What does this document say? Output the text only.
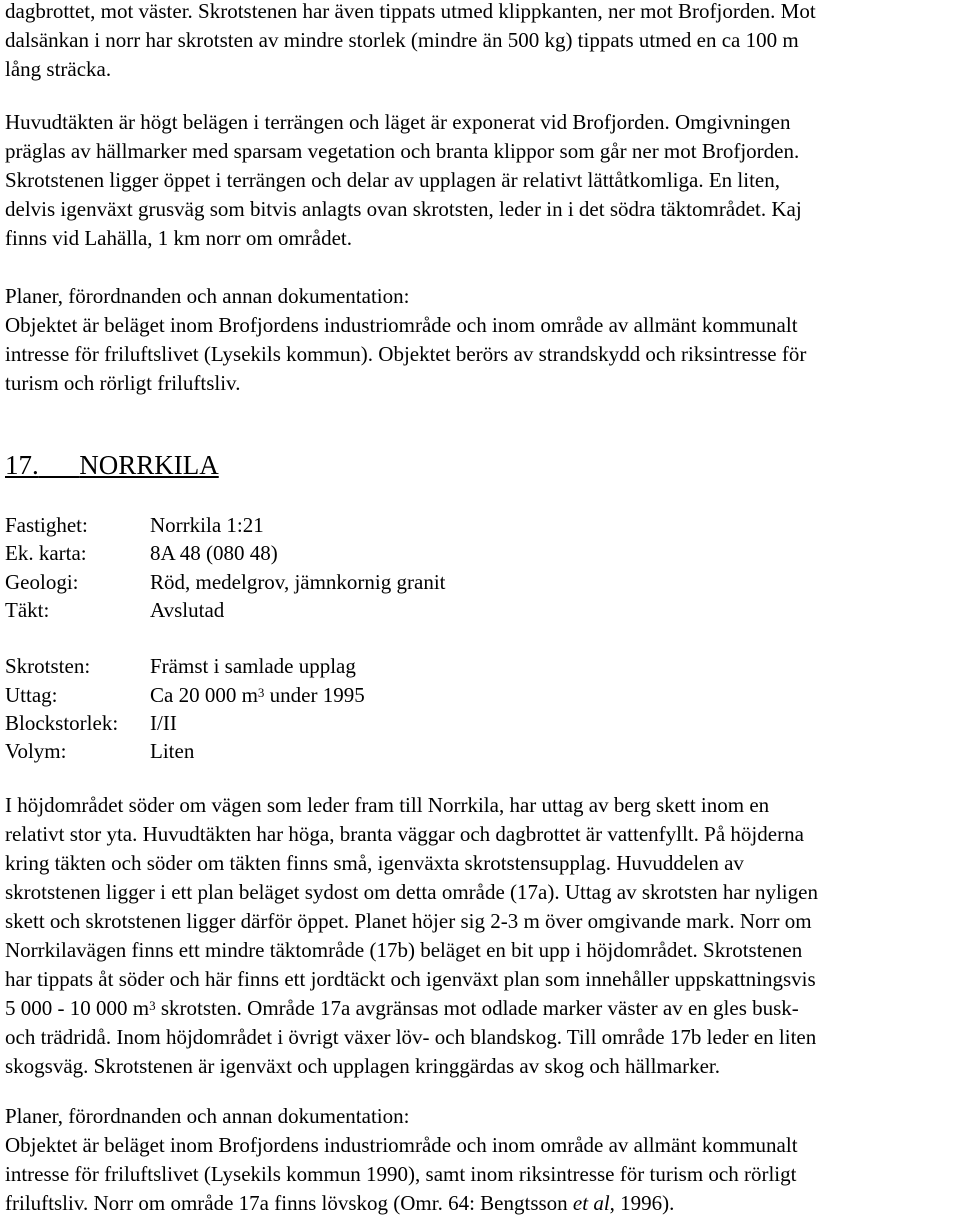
dagbrottet, mot väster. Skrotstenen har även tippats utmed klippkanten, ner mot Brofjorden. Mot
dalsänkan i norr har skrotsten av mindre storlek (mindre än 500 kg) tippats utmed en ca 100 m
lång sträcka.
Huvudtäkten är högt belägen i terrängen och läget är exponerat vid Brofjorden. Omgivningen
präglas av hällmarker med sparsam vegetation och branta klippor som går ner mot Brofjorden.
Skrotstenen ligger öppet i terrängen och delar av upplagen är relativt lättåtkomliga. En liten,
delvis igenväxt grusväg som bitvis anlagts ovan skrotsten, leder in i det södra täktområdet. Kaj
finns vid Lahälla, 1 km norr om området.
Planer, förordnanden och annan dokumentation:
Objektet är beläget inom Brofjordens industriområde och inom område av allmänt kommunalt
intresse för friluftslivet (Lysekils kommun). Objektet berörs av strandskydd och riksintresse för
turism och rörligt friluftsliv.
17. NORRKILA
Fastighet:	Norrkila 1:21
Ek. karta:	8A 48 (080 48)
Geologi:	Röd, medelgrov, jämnkornig granit
Täkt:	Avslutad
Skrotsten:	Främst i samlade upplag
Uttag:	Ca 20 000 $m^3$ under 1995
Blockstorlek: I/II
Volym:	Liten
I höjdområdet söder om vägen som leder fram till Norrkila, har uttag av berg skett inom en
relativt stor yta. Huvudtäkten har höga, branta väggar och dagbrottet är vattenfyllt. På höjderna
kring täkten och söder om täkten finns små, igenväxta skrotstensupplag. Huvuddelen av
skrotstenen ligger i ett plan beläget sydost om detta område (17a). Uttag av skrotsten har nyligen
skett och skrotstenen ligger därför öppet. Planet höjer sig 2-3 m över omgivande mark. Norr om
Norrkilavägen finns ett mindre täktområde (17b) beläget en bit upp i höjdområdet. Skrotstenen
har tippats åt söder och här finns ett jordtäckt och igenväxt plan som innehåller uppskattningsvis
5 000 - 10 000 $m^3$ skrotsten. Område 17a avgränsas mot odlade marker väster av en gles busk-
och trädridå. Inom höjdområdet i övrigt växer löv- och blandskog. Till område 17b leder en liten
skogsväg. Skrotstenen är igenväxt och upplagen kringgärdas av skog och hällmarker.
Planer, förordnanden och annan dokumentation:
Objektet är beläget inom Brofjordens industriområde och inom område av allmänt kommunalt
intresse för friluftslivet (Lysekils kommun 1990), samt inom riksintresse för turism och rörligt
friluftsliv. Norr om område 17a finns lövskog (Omr. 64: Bengtsson et al, 1996).
